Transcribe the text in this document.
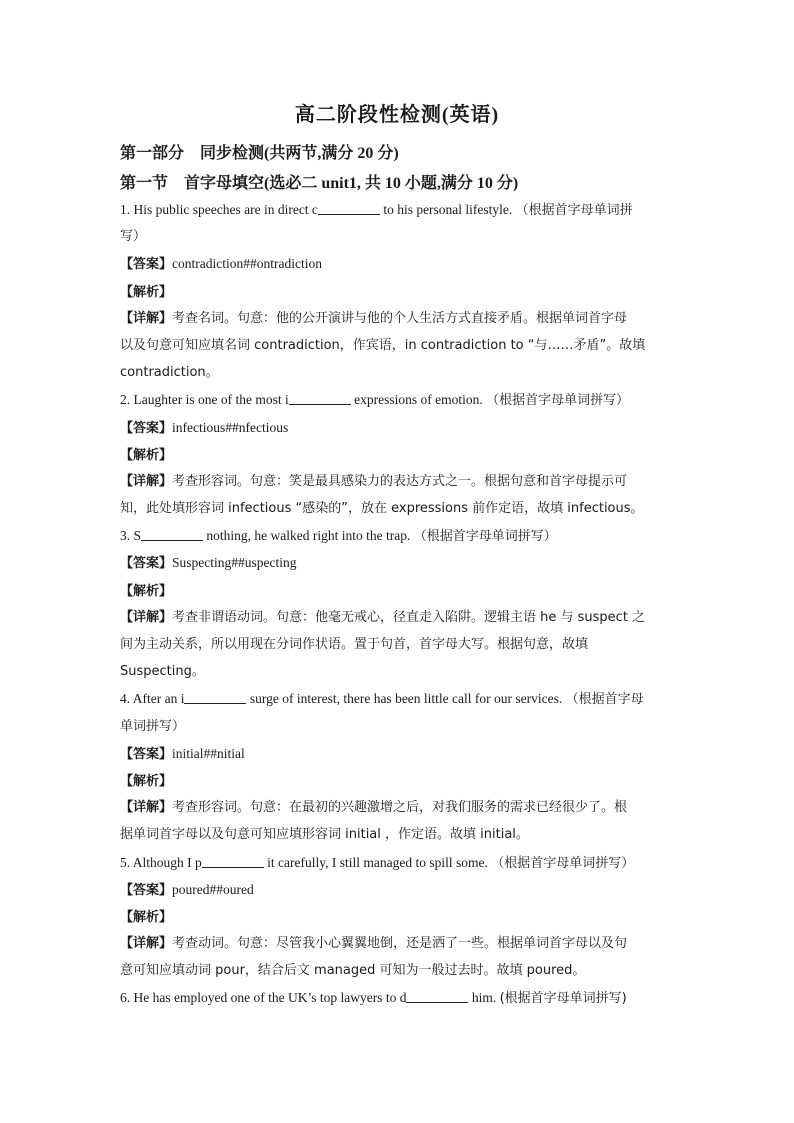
高二阶段性检测(英语)
第一部分　同步检测(共两节,满分 20 分)
第一节　首字母填空(选必二 unit1, 共 10 小题,满分 10 分)
1. His public speeches are in direct c	to his personal lifestyle. （根据首字母单词拼
写）
【答案】contradiction##ontradiction
【解析】
【详解】考查名词。句意：他的公开演讲与他的个人生活方式直接矛盾。根据单词首字母
以及句意可知应填名词 contradiction，作宾语，in contradiction to “与……矛盾”。故填
contradiction。
2. Laughter is one of the most i	expressions of emotion. （根据首字母单词拼写）
【答案】infectious##nfectious
【解析】
【详解】考查形容词。句意：笑是最具感染力的表达方式之一。根据句意和首字母提示可
知，此处填形容词 infectious “感染的”，放在 expressions 前作定语，故填 infectious。
3. S	nothing, he walked right into the trap. （根据首字母单词拼写）
【答案】Suspecting##uspecting
【解析】
【详解】考查非谓语动词。句意：他毫无戒心，径直走入陷阱。逻辑主语 he 与 suspect 之
间为主动关系，所以用现在分词作状语。置于句首，首字母大写。根据句意，故填
Suspecting。
4. After an i	surge of interest, there has been little call for our services. （根据首字母
单词拼写）
【答案】initial##nitial
【解析】
【详解】考查形容词。句意：在最初的兴趣激增之后，对我们服务的需求已经很少了。根
据单词首字母以及句意可知应填形容词 initial ，作定语。故填 initial。
5. Although I p	it carefully, I still managed to spill some. （根据首字母单词拼写）
【答案】poured##oured
【解析】
【详解】考查动词。句意：尽管我小心翼翼地倒，还是洒了一些。根据单词首字母以及句
意可知应填动词 pour，结合后文 managed 可知为一般过去时。故填 poured。
6. He has employed one of the UK’s top lawyers to d	him. (根据首字母单词拼写)
